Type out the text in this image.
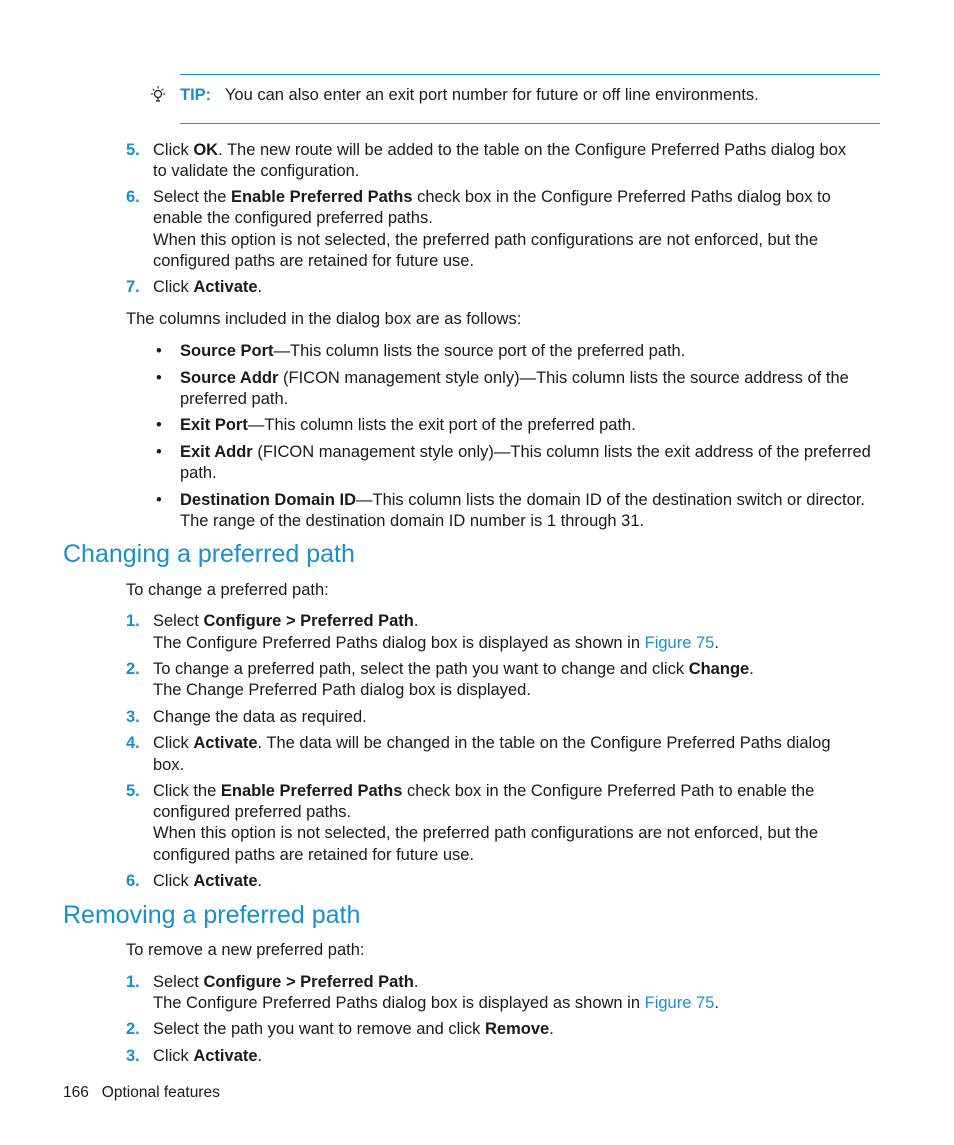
TIP: You can also enter an exit port number for future or off line environments.
5. Click OK. The new route will be added to the table on the Configure Preferred Paths dialog box
to validate the configuration.
6. Select the Enable Preferred Paths check box in the Configure Preferred Paths dialog box to
enable the configured preferred paths.
When this option is not selected, the preferred path configurations are not enforced, but the
configured paths are retained for future use.
7. Click Activate.
The columns included in the dialog box are as follows:
• Source Port—This column lists the source port of the preferred path.
• Source Addr (FICON management style only)—This column lists the source address of the
preferred path.
• Exit Port—This column lists the exit port of the preferred path.
• Exit Addr (FICON management style only)—This column lists the exit address of the preferred
path.
• Destination Domain ID—This column lists the domain ID of the destination switch or director.
The range of the destination domain ID number is 1 through 31.
Changing a preferred path
To change a preferred path:
1. Select Configure > Preferred Path.
The Configure Preferred Paths dialog box is displayed as shown in Figure 75.
2. To change a preferred path, select the path you want to change and click Change.
The Change Preferred Path dialog box is displayed.
3. Change the data as required.
4. Click Activate. The data will be changed in the table on the Configure Preferred Paths dialog
box.
5. Click the Enable Preferred Paths check box in the Configure Preferred Path to enable the
configured preferred paths.
When this option is not selected, the preferred path configurations are not enforced, but the
configured paths are retained for future use.
6. Click Activate.
Removing a preferred path
To remove a new preferred path:
1. Select Configure > Preferred Path.
The Configure Preferred Paths dialog box is displayed as shown in Figure 75.
2. Select the path you want to remove and click Remove.
3. Click Activate.
166 Optional features
